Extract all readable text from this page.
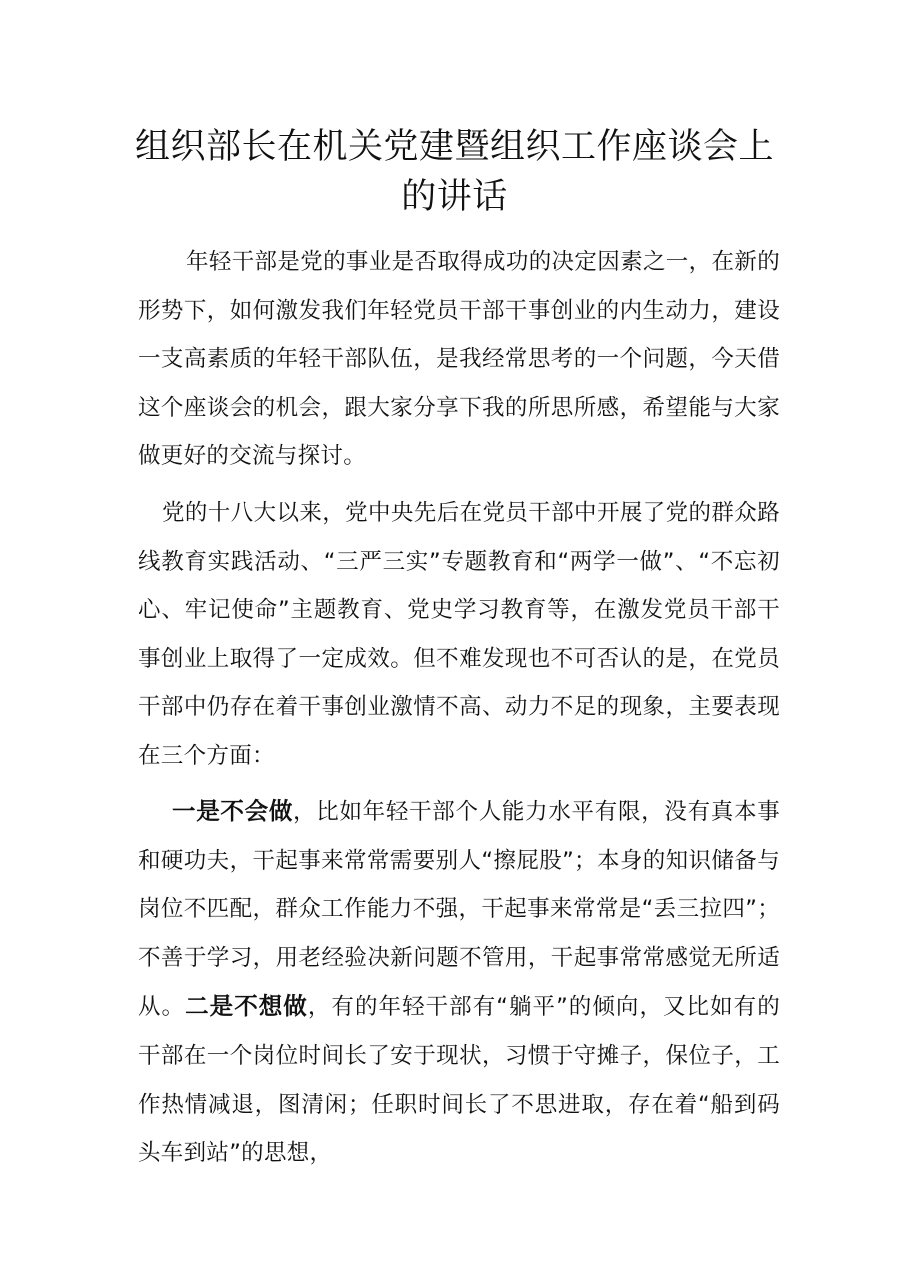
组织部长在机关党建暨组织工作座谈会上的讲话

年轻干部是党的事业是否取得成功的决定因素之一，在新的形势下，如何激发我们年轻党员干部干事创业的内生动力，建设一支高素质的年轻干部队伍，是我经常思考的一个问题，今天借这个座谈会的机会，跟大家分享下我的所思所感，希望能与大家做更好的交流与探讨。

党的十八大以来，党中央先后在党员干部中开展了党的群众路线教育实践活动、“三严三实”专题教育和“两学一做”、“不忘初心、牢记使命”主题教育、党史学习教育等，在激发党员干部干事创业上取得了一定成效。但不难发现也不可否认的是，在党员干部中仍存在着干事创业激情不高、动力不足的现象，主要表现在三个方面：

一是不会做，比如年轻干部个人能力水平有限，没有真本事和硬功夫，干起事来常常需要别人“擦屁股”；本身的知识储备与岗位不匹配，群众工作能力不强，干起事来常常是“丢三拉四”；不善于学习，用老经验决新问题不管用，干起事常常感觉无所适从。二是不想做，有的年轻干部有“躺平”的倾向，又比如有的干部在一个岗位时间长了安于现状，习惯于守摊子，保位子，工作热情减退，图清闲；任职时间长了不思进取，存在着“船到码头车到站”的思想，
